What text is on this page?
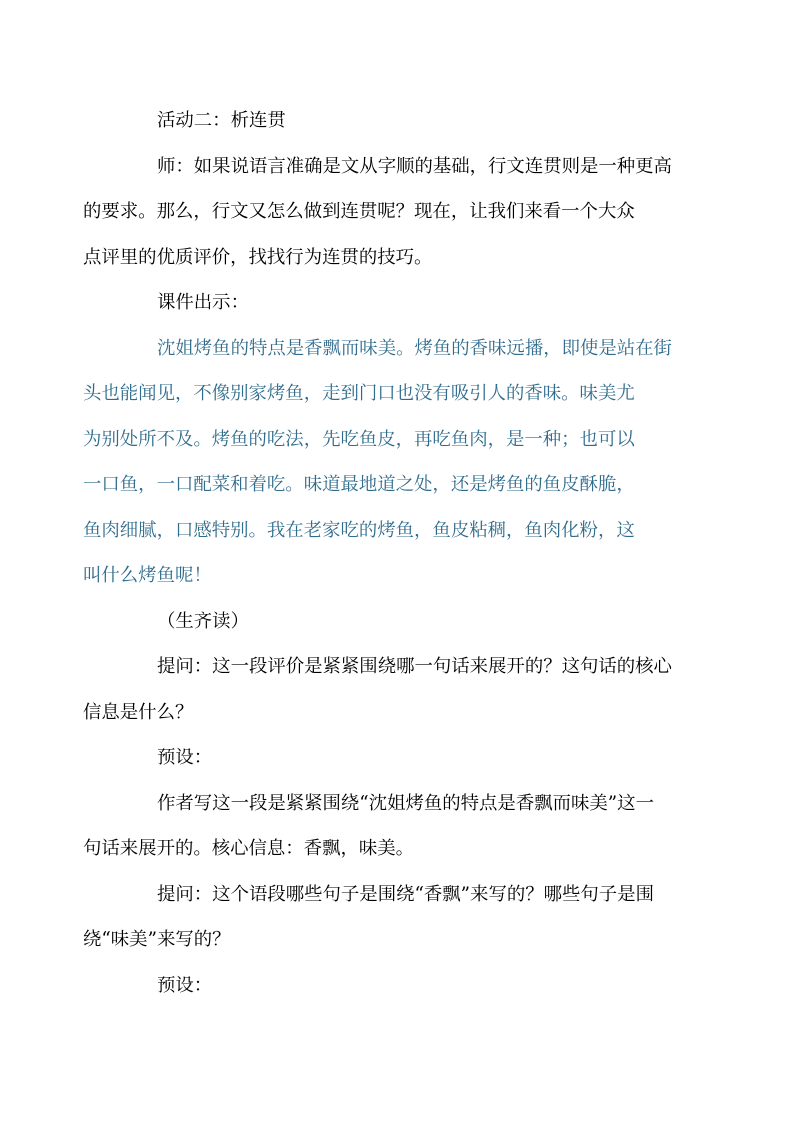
活动二：析连贯

师：如果说语言准确是文从字顺的基础，行文连贯则是一种更高
的要求。那么，行文又怎么做到连贯呢？现在，让我们来看一个大众
点评里的优质评价，找找行为连贯的技巧。

课件出示：

沈姐烤鱼的特点是香飘而味美。烤鱼的香味远播，即使是站在街
头也能闻见，不像别家烤鱼，走到门口也没有吸引人的香味。味美尤
为别处所不及。烤鱼的吃法，先吃鱼皮，再吃鱼肉，是一种；也可以
一口鱼，一口配菜和着吃。味道最地道之处，还是烤鱼的鱼皮酥脆，
鱼肉细腻，口感特别。我在老家吃的烤鱼，鱼皮粘稠，鱼肉化粉，这
叫什么烤鱼呢！

（生齐读）

提问：这一段评价是紧紧围绕哪一句话来展开的？这句话的核心
信息是什么？

预设：

作者写这一段是紧紧围绕“沈姐烤鱼的特点是香飘而味美”这一
句话来展开的。核心信息：香飘，味美。

提问：这个语段哪些句子是围绕“香飘”来写的？哪些句子是围
绕“味美”来写的？

预设：
